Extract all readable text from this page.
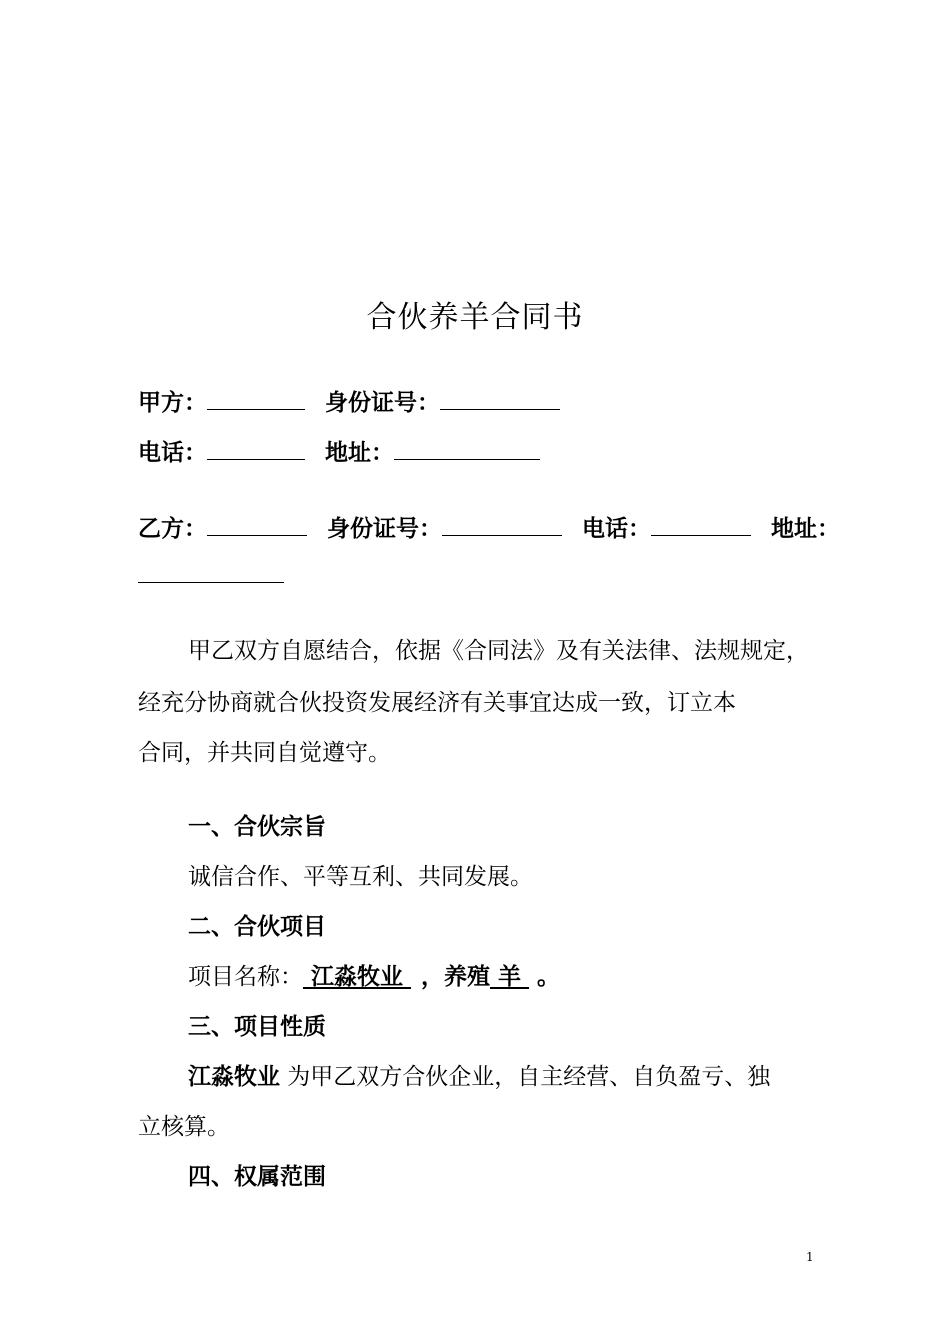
合伙养羊合同书
甲方：	身份证号：
电话：	地址：
乙方：	身份证号：	电话：	地址：
甲乙双方自愿结合，依据《合同法》及有关法律、法规规定，
经充分协商就合伙投资发展经济有关事宜达成一致，订立本
合同，并共同自觉遵守。
一、合伙宗旨
诚信合作、平等互利、共同发展。
二、合伙项目
项目名称： 江淼牧业 ，养殖 羊 。
三、项目性质
江淼牧业 为甲乙双方合伙企业，自主经营、自负盈亏、独
立核算。
四、权属范围
1
